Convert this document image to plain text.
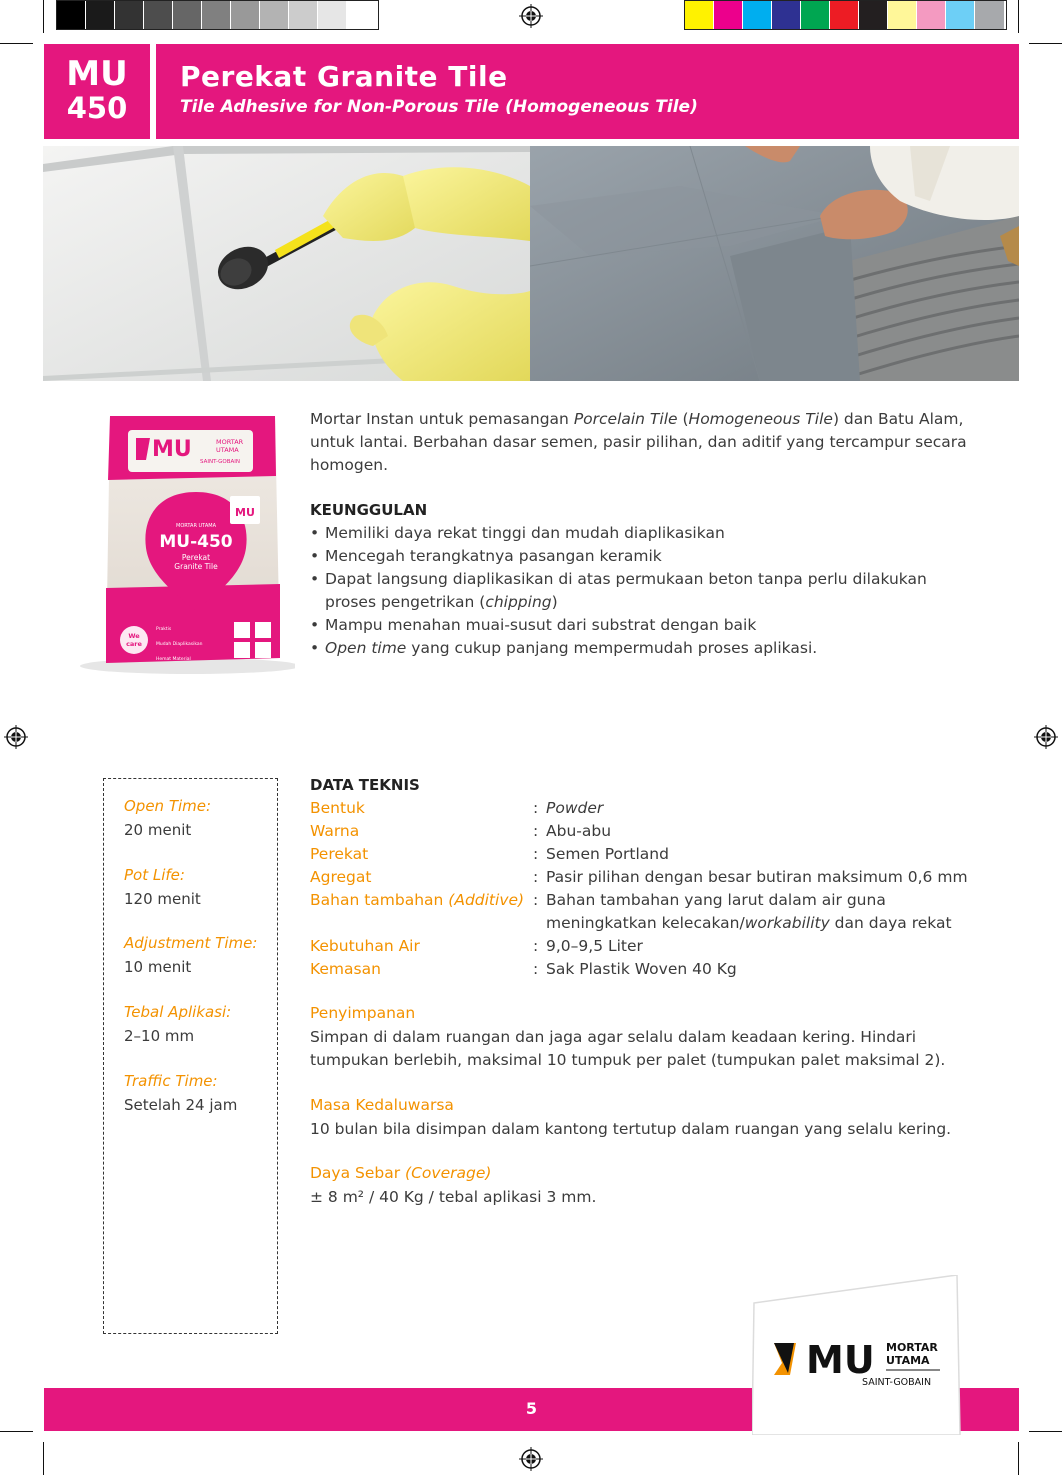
MU
450
Perekat Granite Tile
Tile Adhesive for Non-Porous Tile (Homogeneous Tile)
MU	MORTAR
UTAMA
SAINT-GOBAIN
MORTAR UTAMA
MU-450
Perekat
Granite Tile
MU
We
care
Praktis
Mudah Diaplikasikan
Hemat Material

Mortar Instan untuk pemasangan Porcelain Tile (Homogeneous Tile) dan Batu Alam, untuk lantai. Berbahan dasar semen, pasir pilihan, dan aditif yang tercampur secara homogen.

KEUNGGULAN
• Memiliki daya rekat tinggi dan mudah diaplikasikan
• Mencegah terangkatnya pasangan keramik
• Dapat langsung diaplikasikan di atas permukaan beton tanpa perlu dilakukan proses pengetrikan (chipping)
• Mampu menahan muai-susut dari substrat dengan baik
• Open time yang cukup panjang mempermudah proses aplikasi.
Open Time:
20 menit
Pot Life:
120 menit
Adjustment Time:
10 menit
Tebal Aplikasi:
2–10 mm
Traffic Time:
Setelah 24 jam
DATA TEKNIS
Bentuk	: Powder
Warna	: Abu-abu
Perekat	: Semen Portland
Agregat	: Pasir pilihan dengan besar butiran maksimum 0,6 mm
Bahan tambahan (Additive) : Bahan tambahan yang larut dalam air guna meningkatkan kelecakan/workability dan daya rekat
Kebutuhan Air	: 9,0–9,5 Liter
Kemasan	: Sak Plastik Woven 40 Kg
Penyimpanan

Simpan di dalam ruangan dan jaga agar selalu dalam keadaan kering. Hindari tumpukan berlebih, maksimal 10 tumpuk per palet (tumpukan palet maksimal 2).

Masa Kedaluwarsa

10 bulan bila disimpan dalam kantong tertutup dalam ruangan yang selalu kering.

Daya Sebar (Coverage)

± 8 m² / 40 Kg / tebal aplikasi 3 mm.

5
MU MORTAR
UTAMA
SAINT-GOBAIN
